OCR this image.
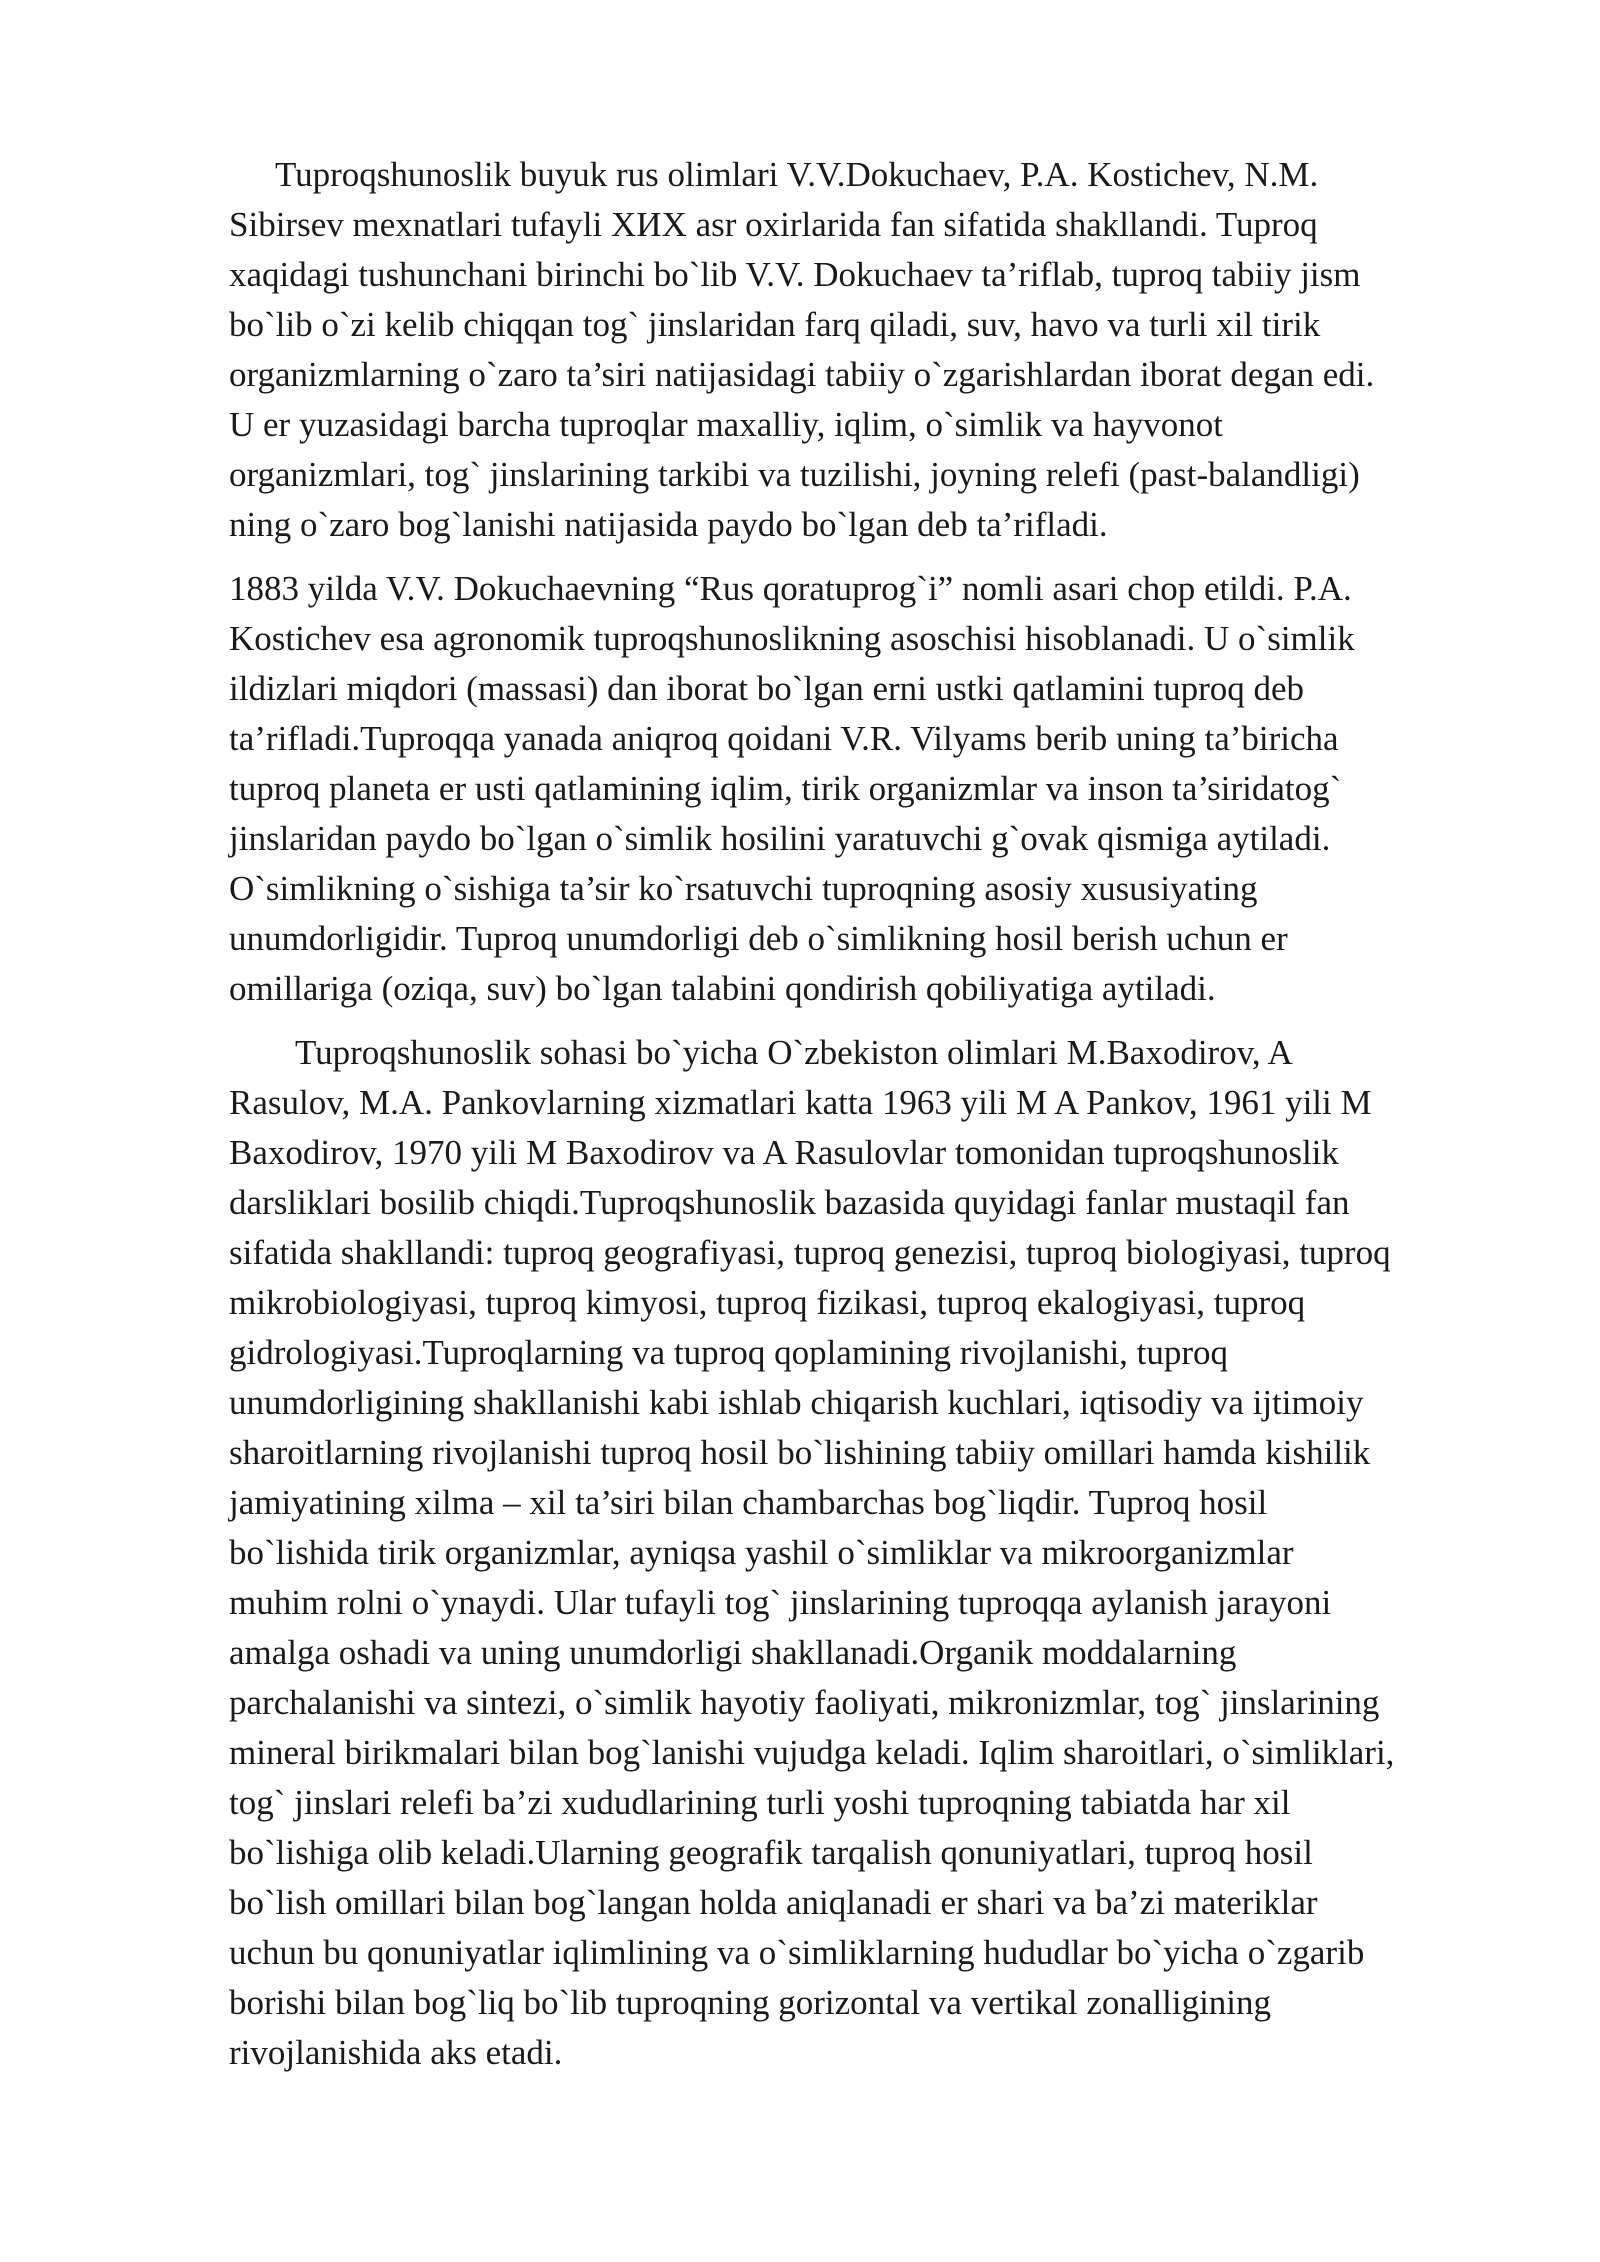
Tuproqshunoslik buyuk rus olimlari V.V.Dokuchaev, P.A. Kostichev, N.M.
Sibirsev mexnatlari tufayli XИX asr oxirlarida fan sifatida shakllandi. Tuproq
xaqidagi tushunchani birinchi bo`lib V.V. Dokuchaev ta’riflab, tuproq tabiiy jism
bo`lib o`zi kelib chiqqan tog` jinslaridan farq qiladi, suv, havo va turli xil tirik
organizmlarning o`zaro ta’siri natijasidagi tabiiy o`zgarishlardan iborat degan edi.
U er yuzasidagi barcha tuproqlar maxalliy, iqlim, o`simlik va hayvonot
organizmlari, tog` jinslarining tarkibi va tuzilishi, joyning relefi (past-balandligi)
ning o`zaro bog`lanishi natijasida paydo bo`lgan deb ta’rifladi.

1883 yilda V.V. Dokuchaevning “Rus qoratuprog`i” nomli asari chop etildi. P.A.
Kostichev esa agronomik tuproqshunoslikning asoschisi hisoblanadi. U o`simlik
ildizlari miqdori (massasi) dan iborat bo`lgan erni ustki qatlamini tuproq deb
ta’rifladi.Tuproqqa yanada aniqroq qoidani V.R. Vilyams berib uning ta’biricha
tuproq planeta er usti qatlamining iqlim, tirik organizmlar va inson ta’siridatog`
jinslaridan paydo bo`lgan o`simlik hosilini yaratuvchi g`ovak qismiga aytiladi.
O`simlikning o`sishiga ta’sir ko`rsatuvchi tuproqning asosiy xususiyating
unumdorligidir. Tuproq unumdorligi deb o`simlikning hosil berish uchun er
omillariga (oziqa, suv) bo`lgan talabini qondirish qobiliyatiga aytiladi.

Tuproqshunoslik sohasi bo`yicha O`zbekiston olimlari M.Baxodirov, A
Rasulov, M.A. Pankovlarning xizmatlari katta 1963 yili M A Pankov, 1961 yili M
Baxodirov, 1970 yili M Baxodirov va A Rasulovlar tomonidan tuproqshunoslik
darsliklari bosilib chiqdi.Tuproqshunoslik bazasida quyidagi fanlar mustaqil fan
sifatida shakllandi: tuproq geografiyasi, tuproq genezisi, tuproq biologiyasi, tuproq
mikrobiologiyasi, tuproq kimyosi, tuproq fizikasi, tuproq ekalogiyasi, tuproq
gidrologiyasi.Tuproqlarning va tuproq qoplamining rivojlanishi, tuproq
unumdorligining shakllanishi kabi ishlab chiqarish kuchlari, iqtisodiy va ijtimoiy
sharoitlarning rivojlanishi tuproq hosil bo`lishining tabiiy omillari hamda kishilik
jamiyatining xilma – xil ta’siri bilan chambarchas bog`liqdir. Tuproq hosil
bo`lishida tirik organizmlar, ayniqsa yashil o`simliklar va mikroorganizmlar
muhim rolni o`ynaydi. Ular tufayli tog` jinslarining tuproqqa aylanish jarayoni
amalga oshadi va uning unumdorligi shakllanadi.Organik moddalarning
parchalanishi va sintezi, o`simlik hayotiy faoliyati, mikronizmlar, tog` jinslarining
mineral birikmalari bilan bog`lanishi vujudga keladi. Iqlim sharoitlari, o`simliklari,
tog` jinslari relefi ba’zi xududlarining turli yoshi tuproqning tabiatda har xil
bo`lishiga olib keladi.Ularning geografik tarqalish qonuniyatlari, tuproq hosil
bo`lish omillari bilan bog`langan holda aniqlanadi er shari va ba’zi materiklar
uchun bu qonuniyatlar iqlimlining va o`simliklarning hududlar bo`yicha o`zgarib
borishi bilan bog`liq bo`lib tuproqning gorizontal va vertikal zonalligining
rivojlanishida aks etadi.
